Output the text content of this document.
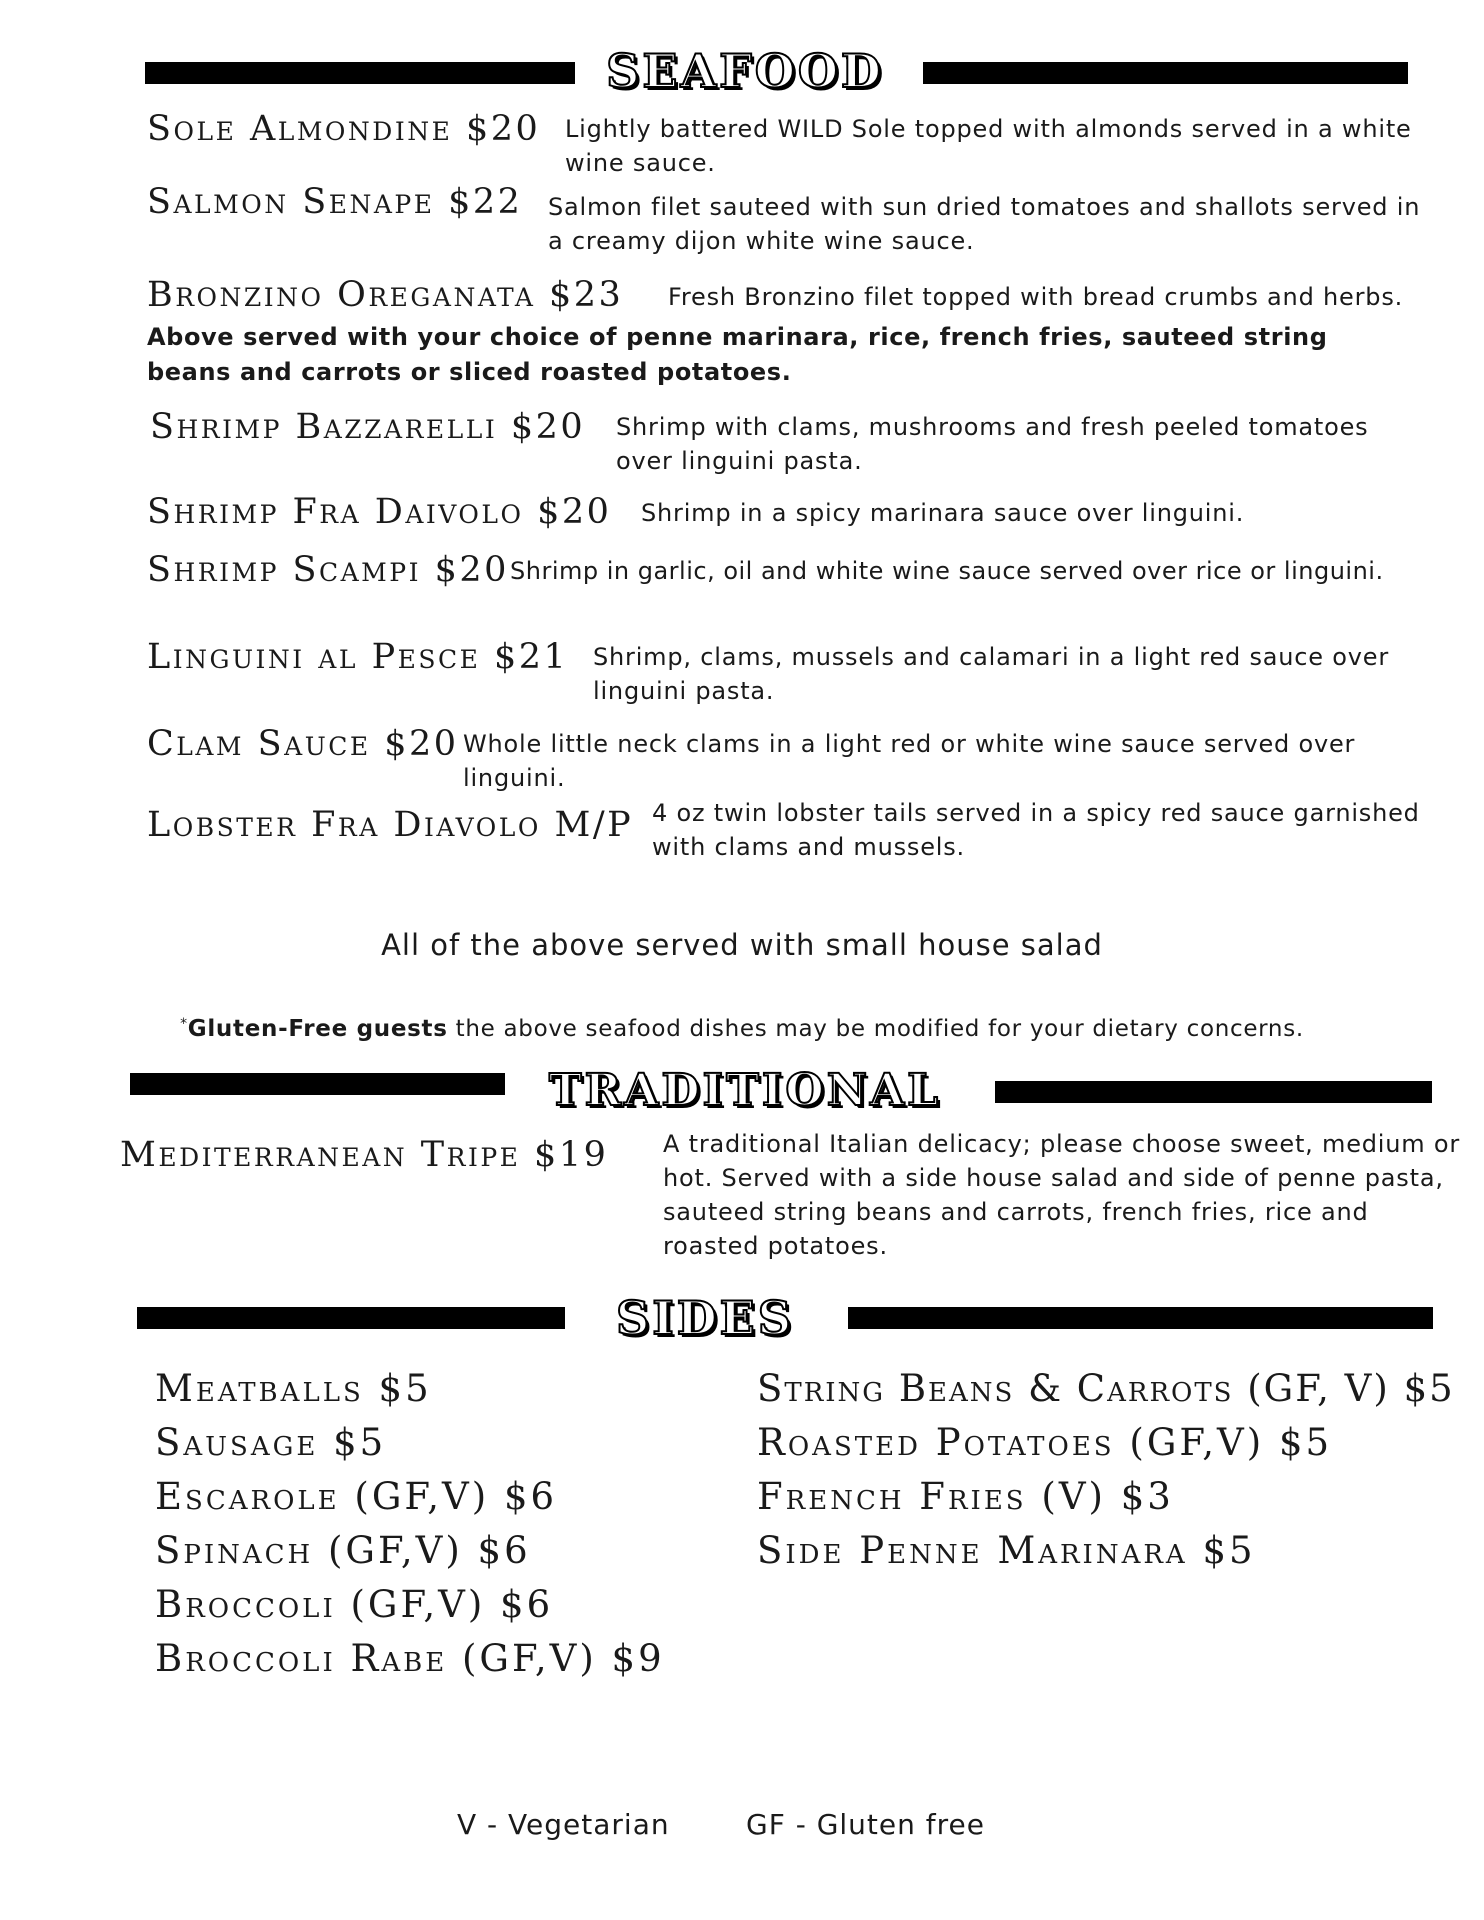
SEAFOOD
Sole Almondine $20 Lightly battered WILD Sole topped with almonds served in a white wine sauce.
Salmon Senape $22 Salmon filet sauteed with sun dried tomatoes and shallots served in a creamy dijon white wine sauce.
Bronzino Oreganata $23 Fresh Bronzino filet topped with bread crumbs and herbs.
Above served with your choice of penne marinara, rice, french fries, sauteed string beans and carrots or sliced roasted potatoes.
Shrimp Bazzarelli $20 Shrimp with clams, mushrooms and fresh peeled tomatoes over linguini pasta.
Shrimp Fra Daivolo $20 Shrimp in a spicy marinara sauce over linguini.
Shrimp Scampi $20 Shrimp in garlic, oil and white wine sauce served over rice or linguini.
Linguini al Pesce $21 Shrimp, clams, mussels and calamari in a light red sauce over linguini pasta.
Clam Sauce $20 Whole little neck clams in a light red or white wine sauce served over linguini.
Lobster Fra Diavolo M/P 4 oz twin lobster tails served in a spicy red sauce garnished with clams and mussels.
All of the above served with small house salad
*Gluten-Free guests the above seafood dishes may be modified for your dietary concerns.
TRADITIONAL
Mediterranean Tripe $19 A traditional Italian delicacy; please choose sweet, medium or hot. Served with a side house salad and side of penne pasta, sauteed string beans and carrots, french fries, rice and roasted potatoes.
SIDES
Meatballs $5
Sausage $5
Escarole (GF,V) $6
Spinach (GF,V) $6
Broccoli (GF,V) $6
Broccoli Rabe (GF,V) $9
String Beans & Carrots (GF, V) $5
Roasted Potatoes (GF,V) $5
French Fries (V) $3
Side Penne Marinara $5
V - Vegetarian	GF - Gluten free
